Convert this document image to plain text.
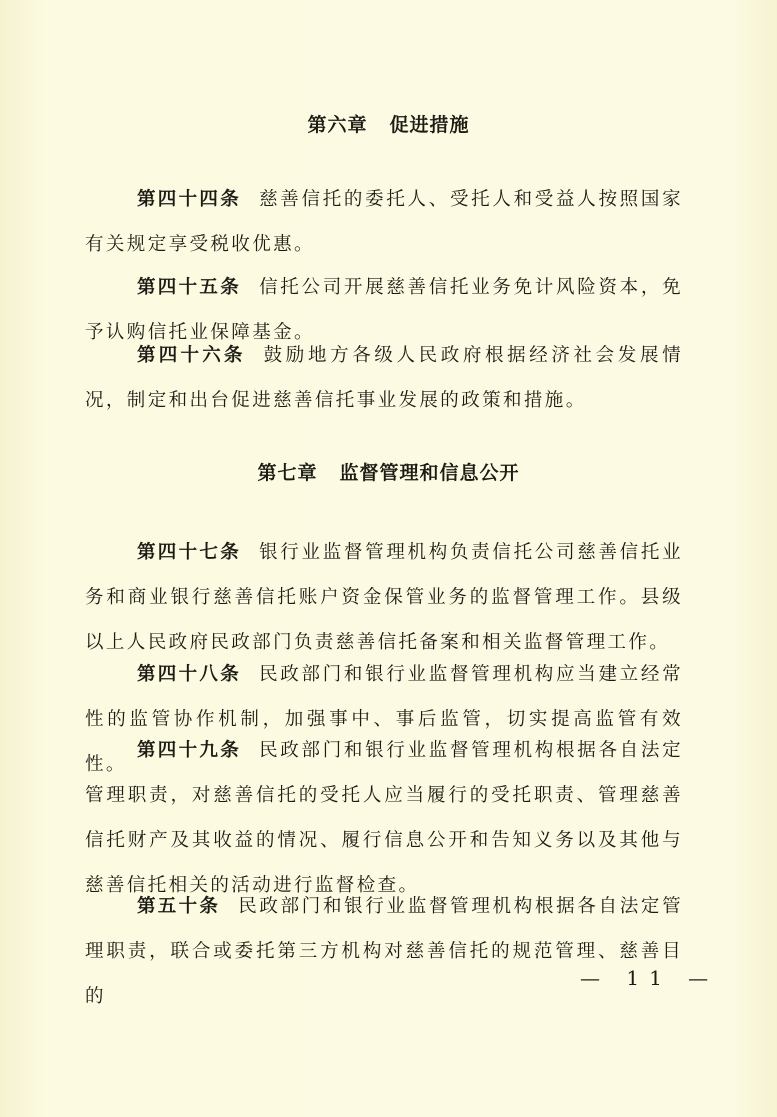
第六章 促进措施

第四十四条 慈善信托的委托人、受托人和受益人按照国家有关规定享受税收优惠。

第四十五条 信托公司开展慈善信托业务免计风险资本，免予认购信托业保障基金。

第四十六条 鼓励地方各级人民政府根据经济社会发展情况，制定和出台促进慈善信托事业发展的政策和措施。

第七章 监督管理和信息公开

第四十七条 银行业监督管理机构负责信托公司慈善信托业务和商业银行慈善信托账户资金保管业务的监督管理工作。县级以上人民政府民政部门负责慈善信托备案和相关监督管理工作。

第四十八条 民政部门和银行业监督管理机构应当建立经常性的监管协作机制，加强事中、事后监管，切实提高监管有效性。

第四十九条 民政部门和银行业监督管理机构根据各自法定管理职责，对慈善信托的受托人应当履行的受托职责、管理慈善信托财产及其收益的情况、履行信息公开和告知义务以及其他与慈善信托相关的活动进行监督检查。

第五十条 民政部门和银行业监督管理机构根据各自法定管理职责，联合或委托第三方机构对慈善信托的规范管理、慈善目的

— 11 —
